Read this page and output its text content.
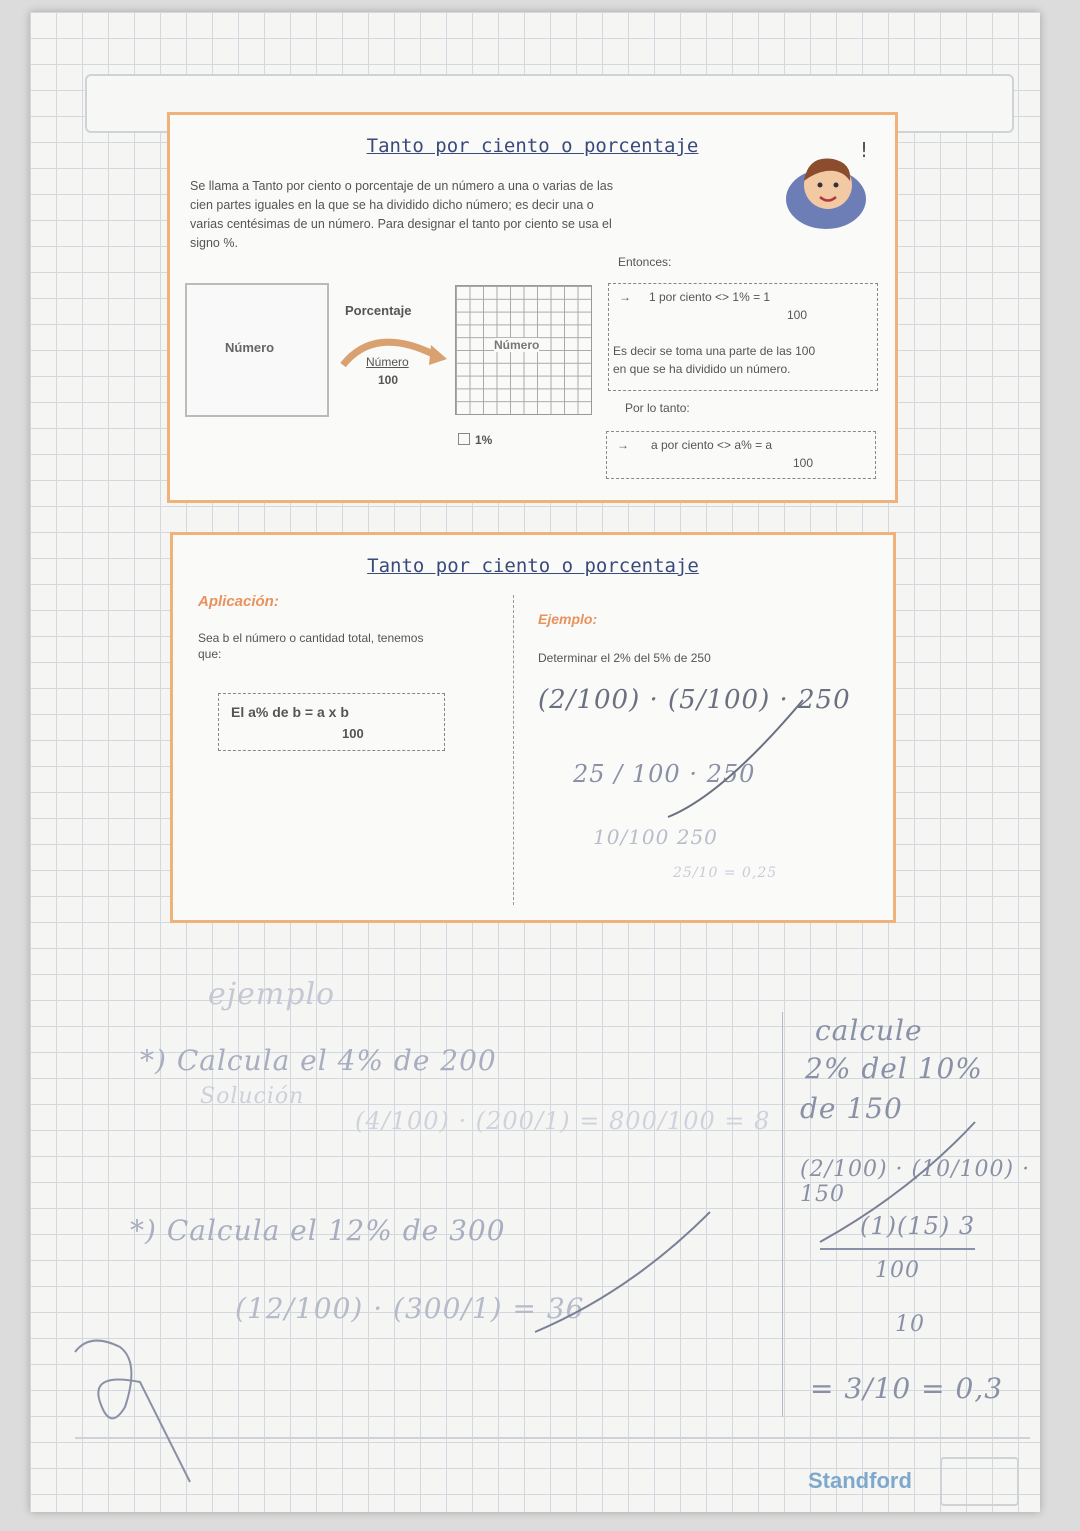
Tanto por ciento o porcentaje
Se llama a Tanto por ciento o porcentaje de un número a una o varias de las
cien partes iguales en la que se ha dividido dicho número; es decir una o
varias centésimas de un número. Para designar el tanto por ciento se usa el
signo %.
!
Número
Porcentaje
Número
100
Número
1%
Entonces:
→ 1 por ciento <> 1% = 1
100
Es decir se toma una parte de las 100
en que se ha dividido un número.
Por lo tanto:
→ a por ciento <> a% = a
100
Tanto por ciento o porcentaje
Aplicación:
Sea b el número o cantidad total, tenemos
que:
El a% de b = a x b
100
Ejemplo:
Determinar el 2% del 5% de 250
(2/100) · (5/100) · 250
25 / 100 · 250
10/100 250
25/10 = 0,25
ejemplo
*) Calcula el 4% de 200
Solución
(4/100) · (200/1) = 800/100 = 8
*) Calcula el 12% de 300
(12/100) · (300/1) = 36
calcule
2% del 10%
de 150
(2/100) · (10/100) · 150
(1)(15) 3
100
10
= 3/10 = 0,3
Standford
